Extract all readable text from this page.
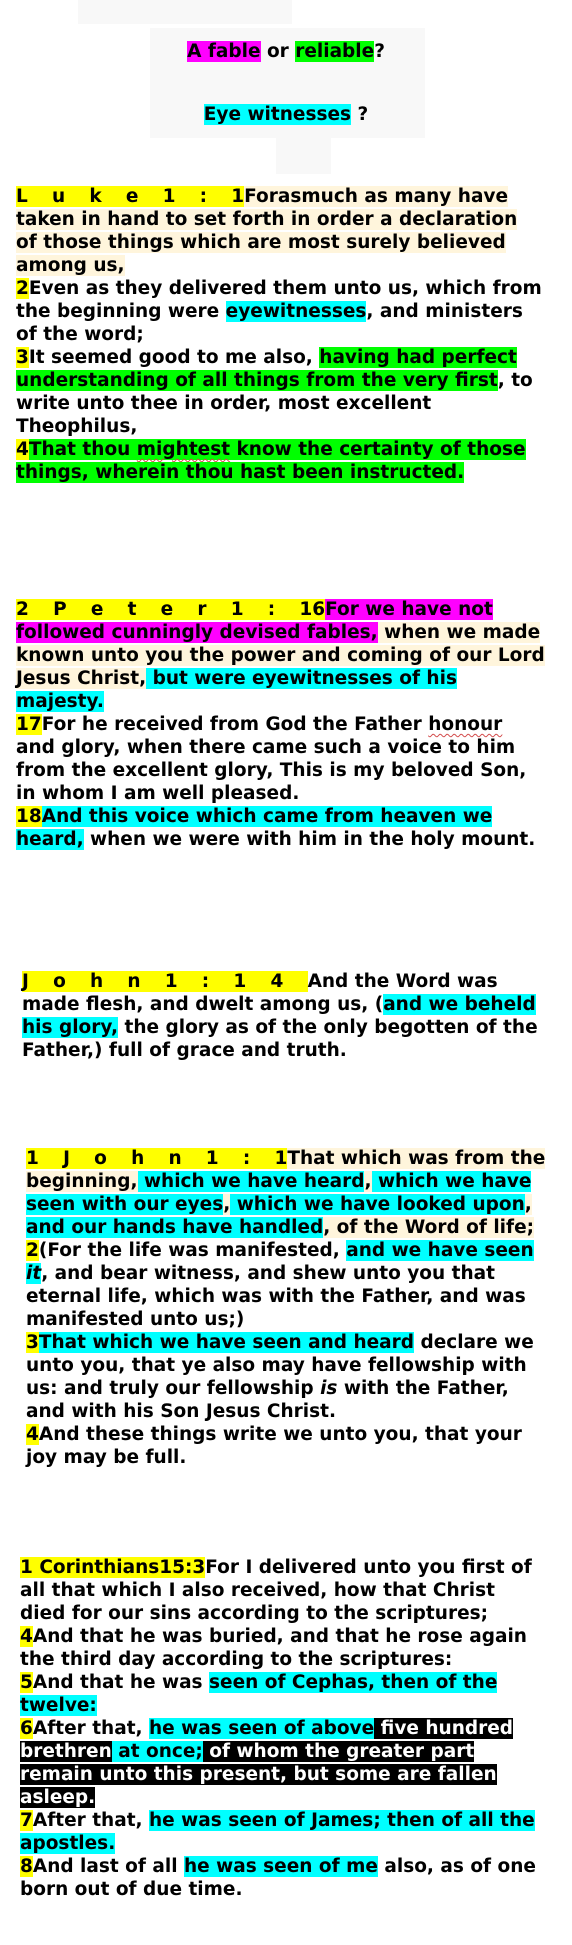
A fable or reliable?
Eye witnesses ?
L u k e 1 : 1Forasmuch as many have taken in hand to set forth in order a declaration of those things which are most surely believed among us,
2Even as they delivered them unto us, which from the beginning were eyewitnesses, and ministers of the word;
3It seemed good to me also, having had perfect understanding of all things from the very first, to write unto thee in order, most excellent Theophilus,
4That thou mightest know the certainty of those things, wherein thou hast been instructed.
2 P e t e r 1 : 16For we have not followed cunningly devised fables, when we made known unto you the power and coming of our Lord Jesus Christ, but were eyewitnesses of his majesty.
17For he received from God the Father honour and glory, when there came such a voice to him from the excellent glory, This is my beloved Son, in whom I am well pleased.
18And this voice which came from heaven we heard, when we were with him in the holy mount.
J o h n 1 : 1 4 And the Word was made flesh, and dwelt among us, (and we beheld his glory, the glory as of the only begotten of the Father,) full of grace and truth.
1 J o h n 1 : 1That which was from the beginning, which we have heard, which we have seen with our eyes, which we have looked upon, and our hands have handled, of the Word of life;
2(For the life was manifested, and we have seen it, and bear witness, and shew unto you that eternal life, which was with the Father, and was manifested unto us;)
3That which we have seen and heard declare we unto you, that ye also may have fellowship with us: and truly our fellowship is with the Father, and with his Son Jesus Christ.
4And these things write we unto you, that your joy may be full.
1 Corinthians15:3For I delivered unto you first of all that which I also received, how that Christ died for our sins according to the scriptures;
4And that he was buried, and that he rose again the third day according to the scriptures:
5And that he was seen of Cephas, then of the twelve:
6After that, he was seen of above five hundred brethren at once; of whom the greater part remain unto this present, but some are fallen asleep.
7After that, he was seen of James; then of all the apostles.
8And last of all he was seen of me also, as of one born out of due time.
